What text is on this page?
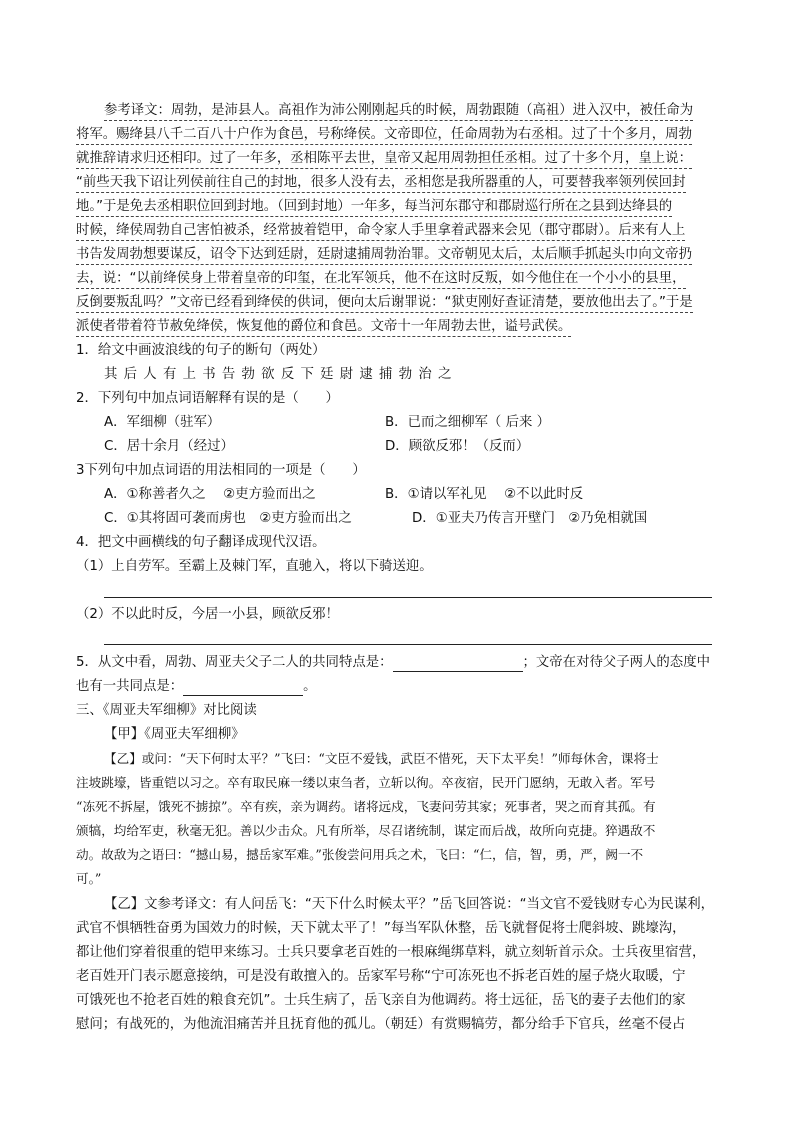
参考译文：周勃，是沛县人。高祖作为沛公刚刚起兵的时候，周勃跟随（高祖）进入汉中，被任命为
将军。赐绛县八千二百八十户作为食邑，号称绛侯。文帝即位，任命周勃为右丞相。过了十个多月，周勃
就推辞请求归还相印。过了一年多，丞相陈平去世，皇帝又起用周勃担任丞相。过了十多个月，皇上说：
“前些天我下诏让列侯前往自己的封地，很多人没有去，丞相您是我所器重的人，可要替我率领列侯回封
地。”于是免去丞相职位回到封地。（回到封地）一年多，每当河东郡守和郡尉巡行所在之县到达绛县的
时候，绛侯周勃自己害怕被杀，经常披着铠甲，命令家人手里拿着武器来会见（郡守郡尉）。后来有人上
书告发周勃想要谋反，诏令下达到廷尉，廷尉逮捕周勃治罪。文帝朝见太后，太后顺手抓起头巾向文帝扔
去，说：“以前绛侯身上带着皇帝的印玺，在北军领兵，他不在这时反叛，如今他住在一个小小的县里，
反倒要叛乱吗？”文帝已经看到绛侯的供词，便向太后谢罪说：“狱吏刚好查证清楚，要放他出去了。”于是
派使者带着符节赦免绛侯，恢复他的爵位和食邑。文帝十一年周勃去世，谥号武侯。
1．给文中画波浪线的句子的断句（两处）
其 后 人 有 上 书 告 勃 欲 反 下 廷 尉 逮 捕 勃 治 之
2．下列句中加点词语解释有误的是（　　）
A．军细柳（驻军）	B．已而之细柳军（ 后来 ）
C．居十余月（经过）	D．顾欲反邪！（反而）
3下列句中加点词语的用法相同的一项是（　　）
A．①称善者久之　 ②吏方验而出之	B．①请以军礼见　 ②不以此时反
C．①其将固可袭而虏也　②吏方验而出之	D．①亚夫乃传言开壁门　②乃免相就国
4．把文中画横线的句子翻译成现代汉语。
（1）上自劳军。至霸上及棘门军，直驰入，将以下骑送迎。
（2）不以此时反，今居一小县，顾欲反邪！
5．从文中看，周勃、周亚夫父子二人的共同特点是：	；文帝在对待父子两人的态度中
也有一共同点是：	。
三、《周亚夫军细柳》对比阅读
【甲】《周亚夫军细柳》
【乙】或问：“天下何时太平？”飞曰：“文臣不爱钱，武臣不惜死，天下太平矣！”师每休舍，课将士
注坡跳壕，皆重铠以习之。卒有取民麻一缕以束刍者，立斩以徇。卒夜宿，民开门愿纳，无敢入者。军号
“冻死不拆屋，饿死不掳掠”。卒有疾，亲为调药。诸将远戍，飞妻问劳其家；死事者，哭之而育其孤。有
颁犒，均给军吏，秋毫无犯。善以少击众。凡有所举，尽召诸统制，谋定而后战，故所向克捷。猝遇敌不
动。故敌为之语曰：“撼山易，撼岳家军难。”张俊尝问用兵之术，飞曰：“仁，信，智，勇，严，阙一不
可。”
【乙】文参考译文：有人问岳飞：“天下什么时候太平？”岳飞回答说：“当文官不爱钱财专心为民谋利，
武官不惧牺牲奋勇为国效力的时候，天下就太平了！”每当军队休整，岳飞就督促将士爬斜坡、跳壕沟，
都让他们穿着很重的铠甲来练习。士兵只要拿老百姓的一根麻绳绑草料，就立刻斩首示众。士兵夜里宿营，
老百姓开门表示愿意接纳，可是没有敢擅入的。岳家军号称“宁可冻死也不拆老百姓的屋子烧火取暖，宁
可饿死也不抢老百姓的粮食充饥”。士兵生病了，岳飞亲自为他调药。将士远征，岳飞的妻子去他们的家
慰问；有战死的，为他流泪痛苦并且抚育他的孤儿。（朝廷）有赏赐犒劳，都分给手下官兵，丝毫不侵占
